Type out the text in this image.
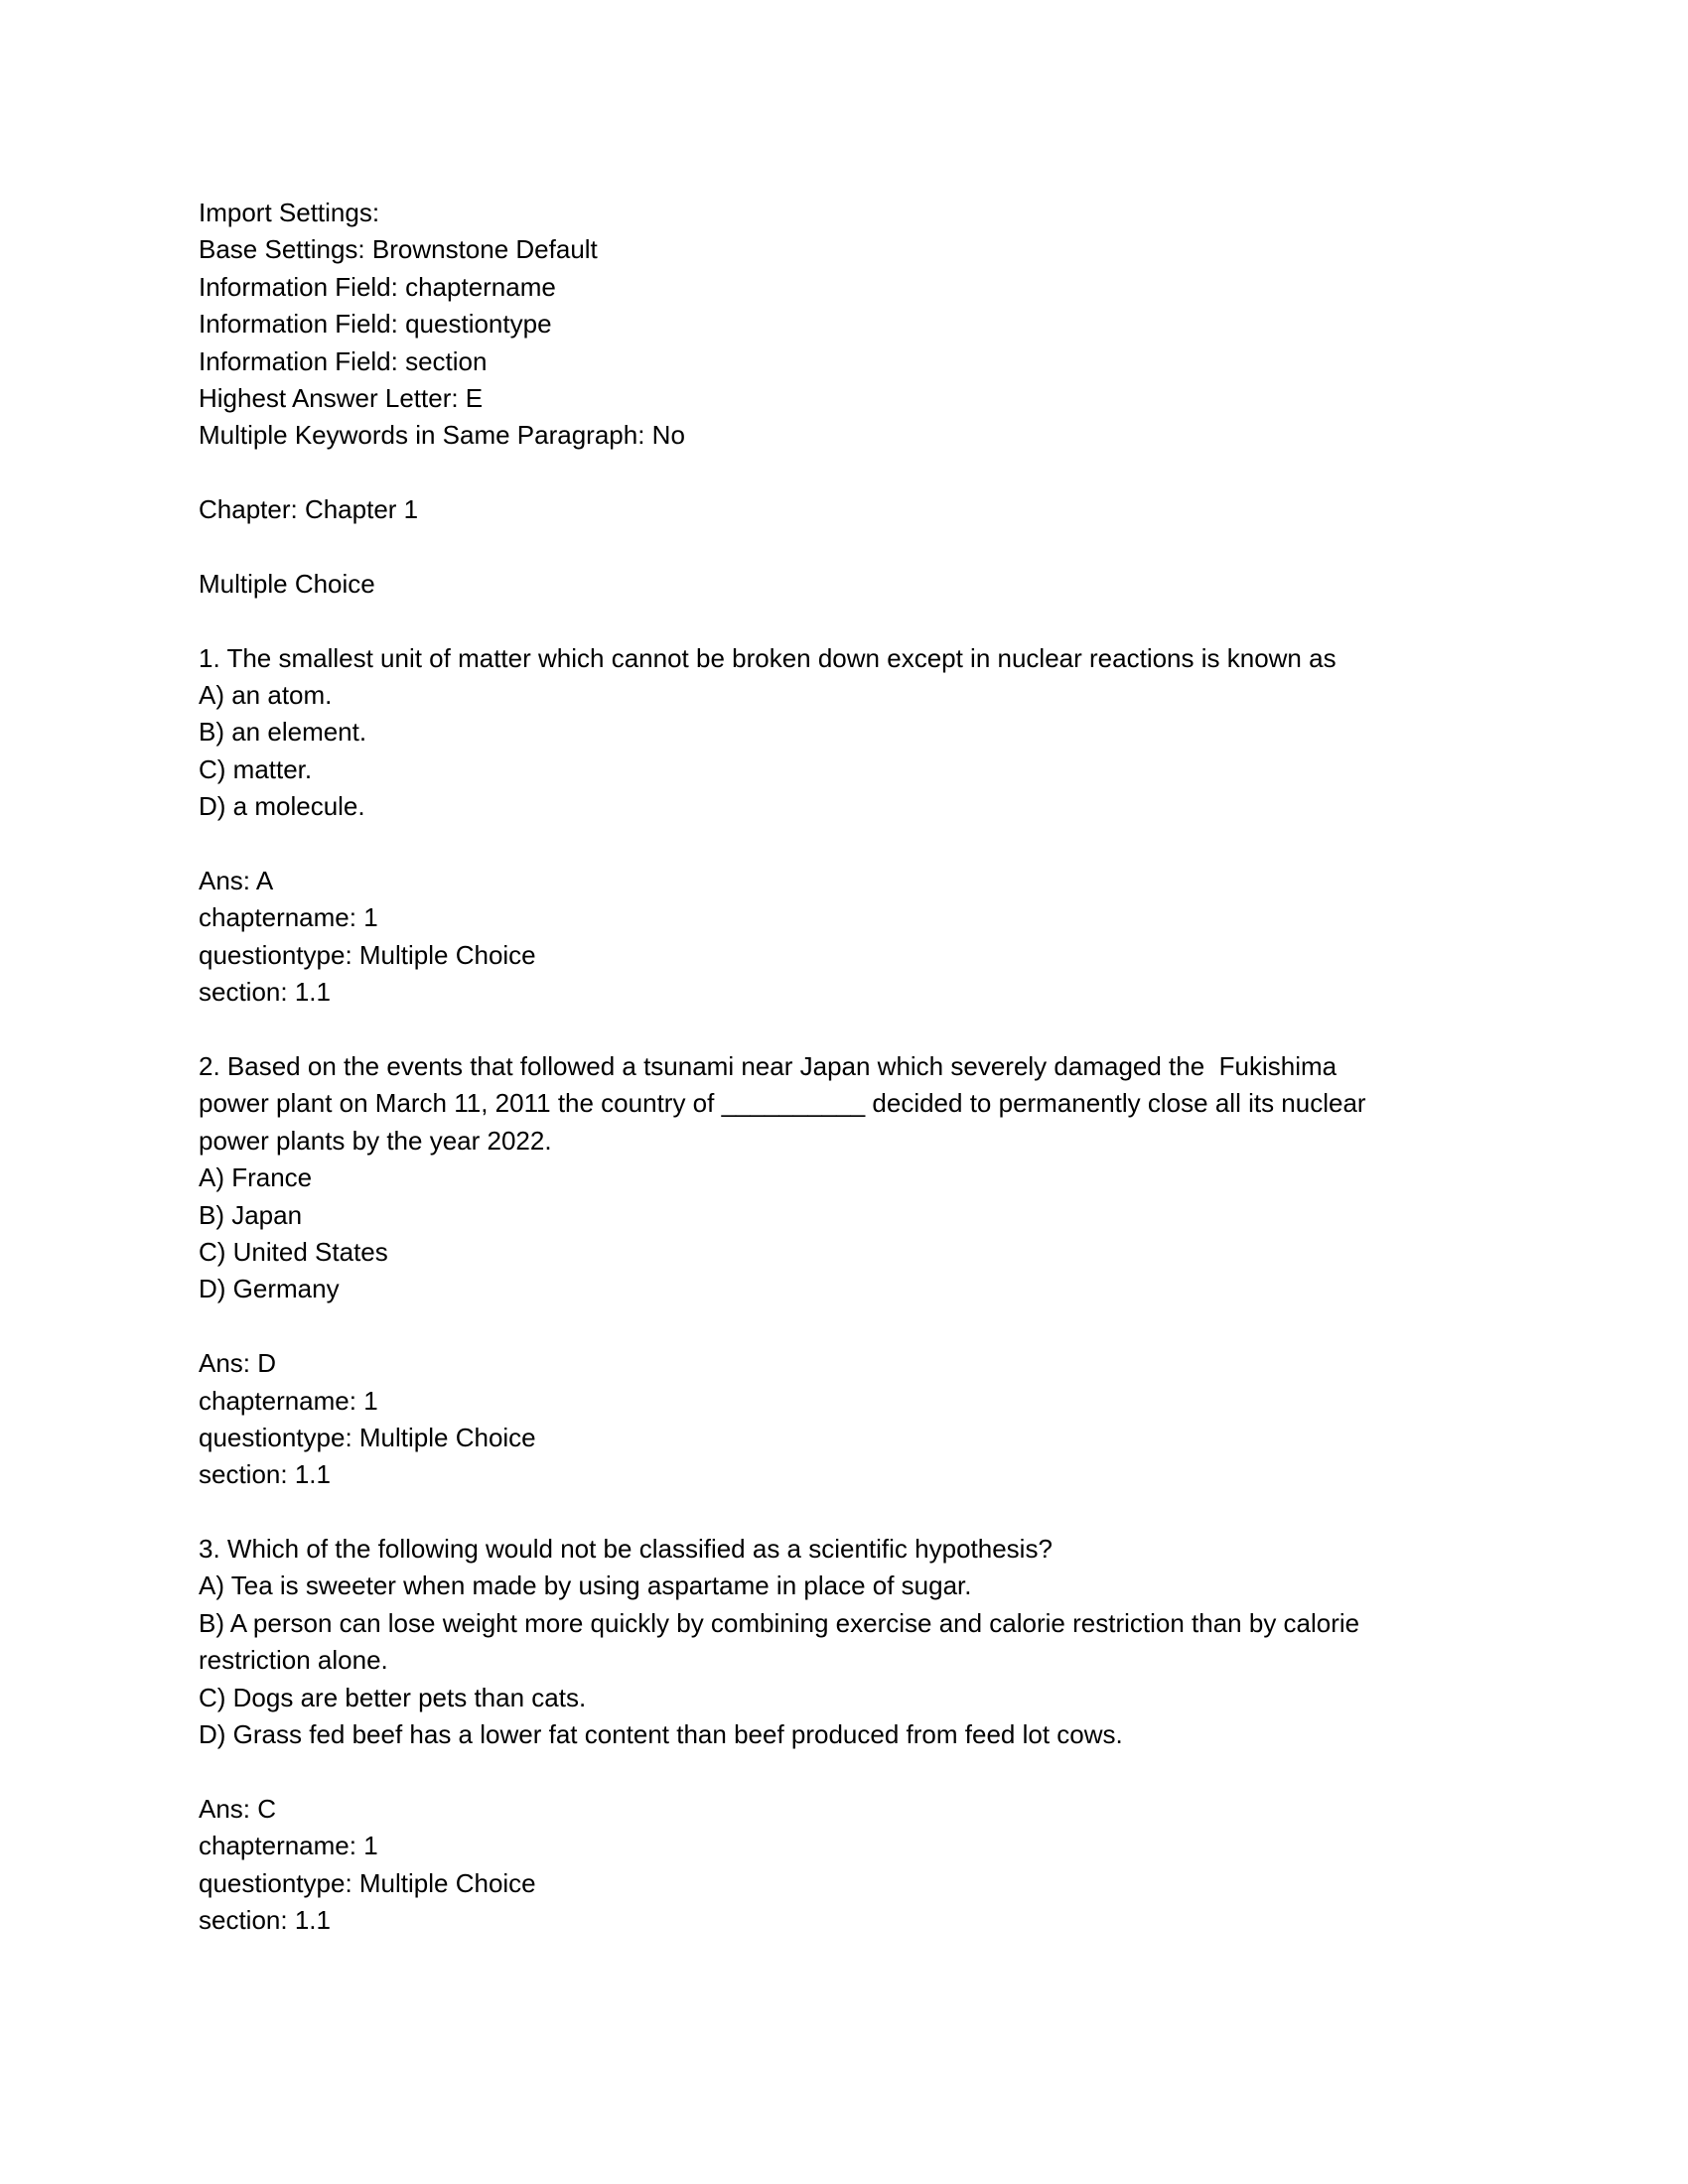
Import Settings:
Base Settings: Brownstone Default
Information Field: chaptername
Information Field: questiontype
Information Field: section
Highest Answer Letter: E
Multiple Keywords in Same Paragraph: No
Chapter: Chapter 1
Multiple Choice
1. The smallest unit of matter which cannot be broken down except in nuclear reactions is known as
A) an atom.
B) an element.
C) matter.
D) a molecule.
Ans: A
chaptername: 1
questiontype: Multiple Choice
section: 1.1
2. Based on the events that followed a tsunami near Japan which severely damaged the  Fukishima
power plant on March 11, 2011 the country of __________ decided to permanently close all its nuclear
power plants by the year 2022.
A) France
B) Japan
C) United States
D) Germany
Ans: D
chaptername: 1
questiontype: Multiple Choice
section: 1.1
3. Which of the following would not be classified as a scientific hypothesis?
A) Tea is sweeter when made by using aspartame in place of sugar.
B) A person can lose weight more quickly by combining exercise and calorie restriction than by calorie
restriction alone.
C) Dogs are better pets than cats.
D) Grass fed beef has a lower fat content than beef produced from feed lot cows.
Ans: C
chaptername: 1
questiontype: Multiple Choice
section: 1.1
